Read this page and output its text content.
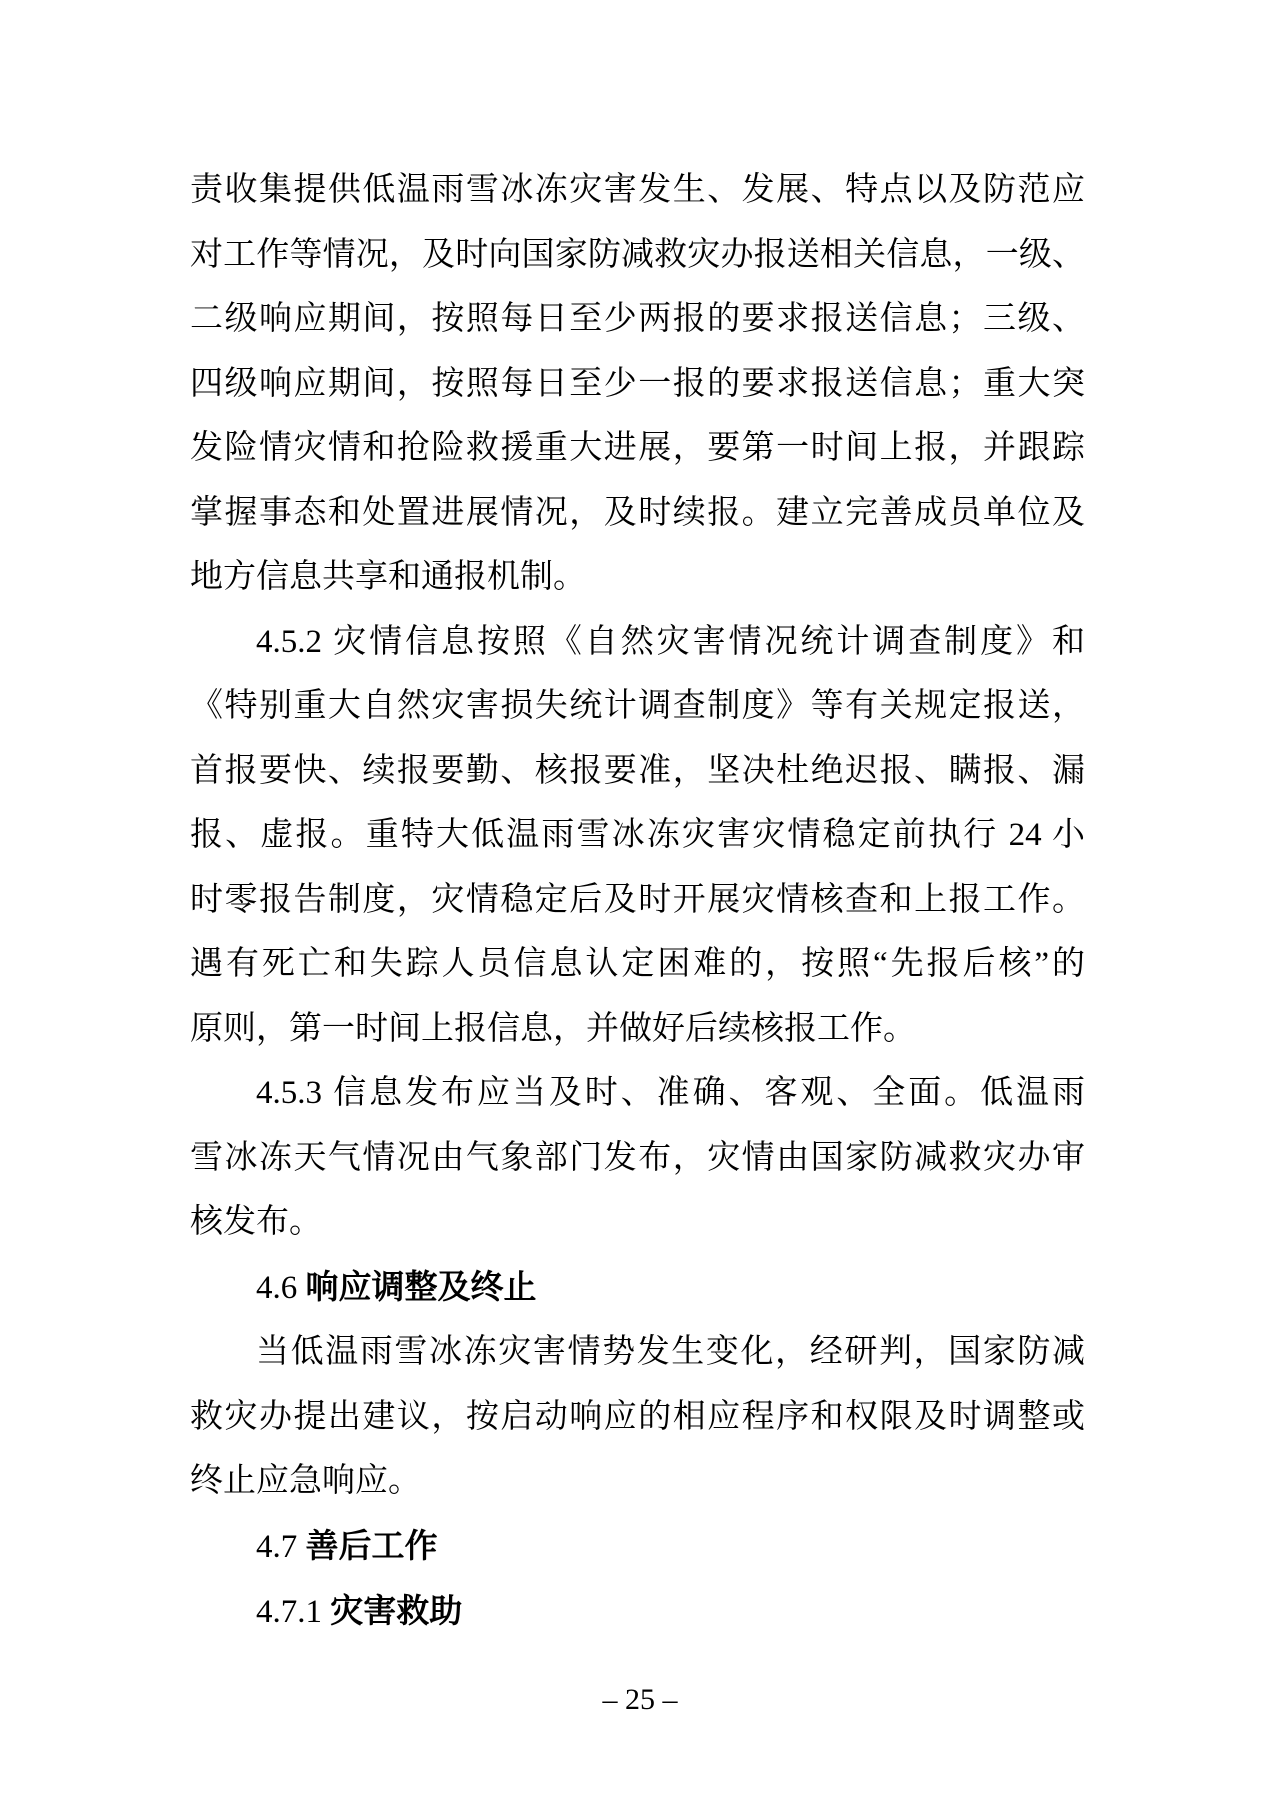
责收集提供低温雨雪冰冻灾害发生、发展、特点以及防范应
对工作等情况，及时向国家防减救灾办报送相关信息，一级、
二级响应期间，按照每日至少两报的要求报送信息；三级、
四级响应期间，按照每日至少一报的要求报送信息；重大突
发险情灾情和抢险救援重大进展，要第一时间上报，并跟踪
掌握事态和处置进展情况，及时续报。建立完善成员单位及
地方信息共享和通报机制。
4.5.2 灾情信息按照《自然灾害情况统计调查制度》和
《特别重大自然灾害损失统计调查制度》等有关规定报送，
首报要快、续报要勤、核报要准，坚决杜绝迟报、瞒报、漏
报、虚报。重特大低温雨雪冰冻灾害灾情稳定前执行 24 小
时零报告制度，灾情稳定后及时开展灾情核查和上报工作。
遇有死亡和失踪人员信息认定困难的，按照“先报后核”的
原则，第一时间上报信息，并做好后续核报工作。
4.5.3 信息发布应当及时、准确、客观、全面。低温雨
雪冰冻天气情况由气象部门发布，灾情由国家防减救灾办审
核发布。
4.6 响应调整及终止
当低温雨雪冰冻灾害情势发生变化，经研判，国家防减
救灾办提出建议，按启动响应的相应程序和权限及时调整或
终止应急响应。
4.7 善后工作
4.7.1 灾害救助
– 25 –
